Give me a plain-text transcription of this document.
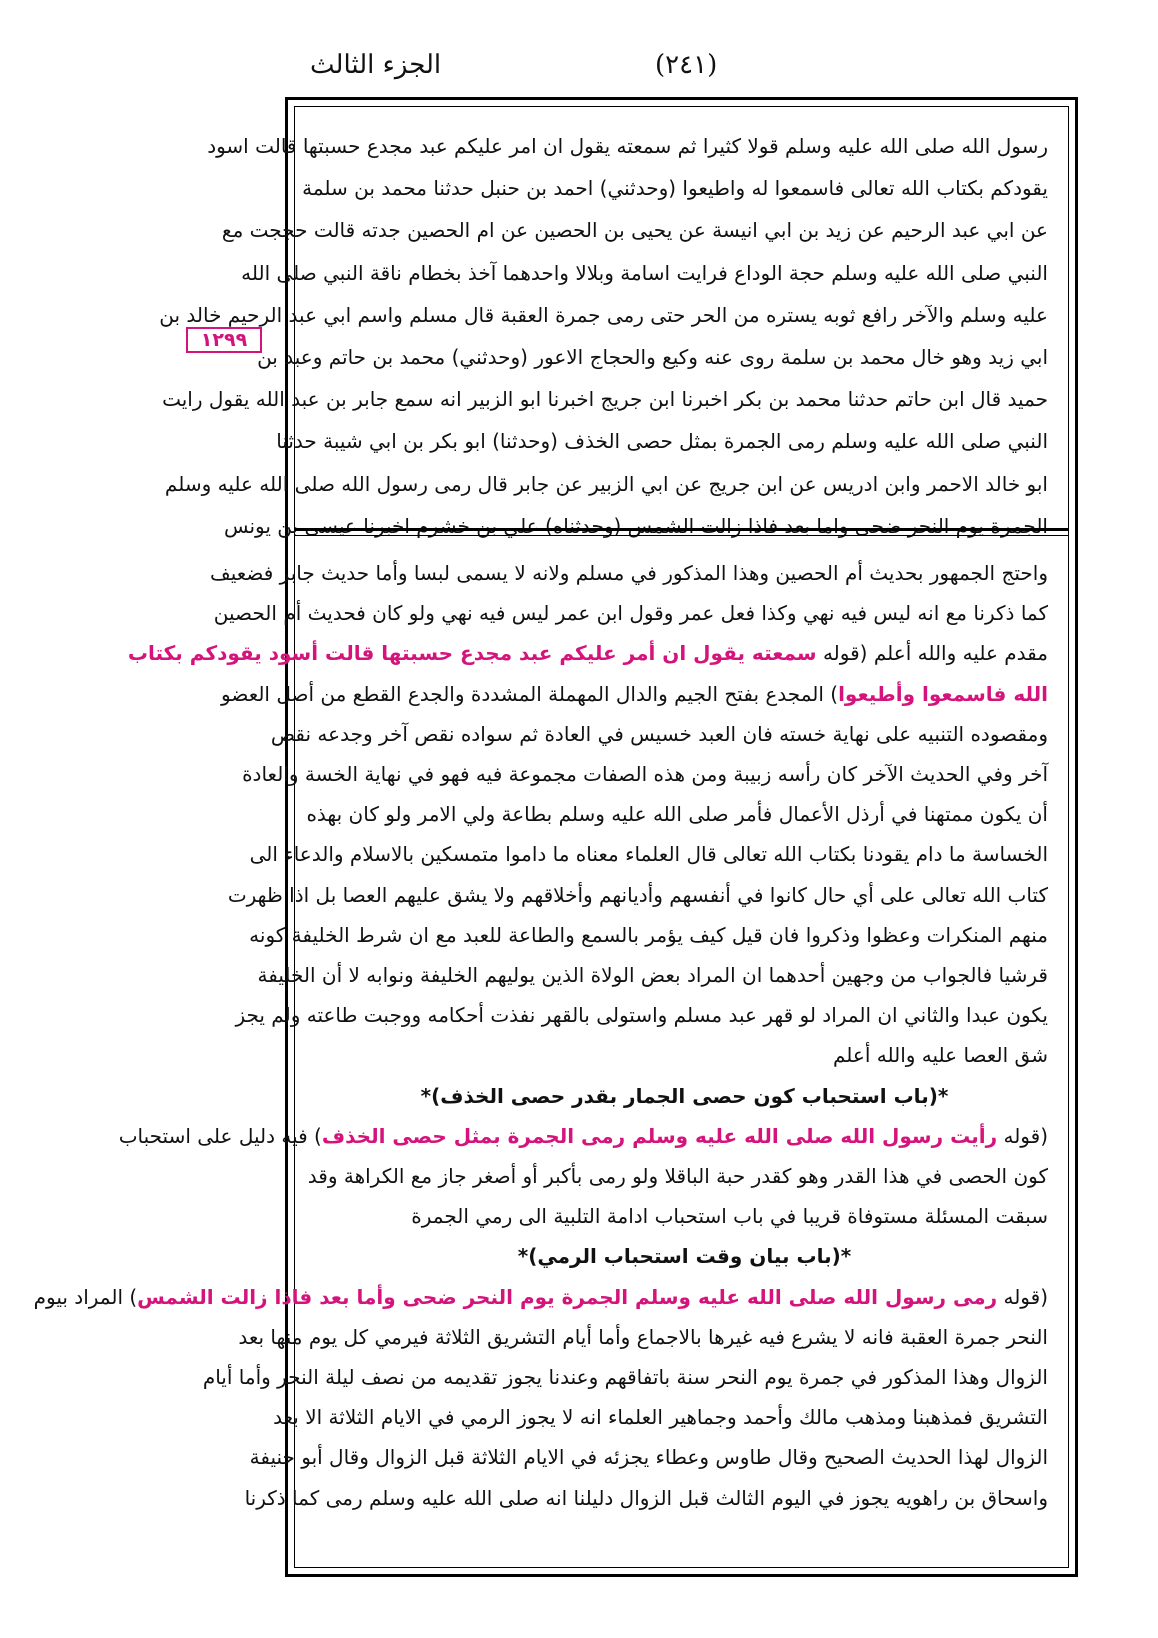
الجزء الثالث	(٢٤١)
١٢٩٩
رسول الله صلى الله عليه وسلم قولا كثيرا ثم سمعته يقول ان امر عليكم عبد مجدع حسبتها قالت اسود
يقودكم بكتاب الله تعالى فاسمعوا له واطيعوا (وحدثني) احمد بن حنبل حدثنا محمد بن سلمة
عن ابي عبد الرحيم عن زيد بن ابي انيسة عن يحيى بن الحصين عن ام الحصين جدته قالت حججت مع
النبي صلى الله عليه وسلم حجة الوداع فرايت اسامة وبلالا واحدهما آخذ بخطام ناقة النبي صلى الله
عليه وسلم والآخر رافع ثوبه يستره من الحر حتى رمى جمرة العقبة قال مسلم واسم ابي عبد الرحيم خالد بن
ابي زيد وهو خال محمد بن سلمة روى عنه وكيع والحجاج الاعور (وحدثني) محمد بن حاتم وعبد بن
حميد قال ابن حاتم حدثنا محمد بن بكر اخبرنا ابن جريج اخبرنا ابو الزبير انه سمع جابر بن عبد الله يقول رايت
النبي صلى الله عليه وسلم رمى الجمرة بمثل حصى الخذف (وحدثنا) ابو بكر بن ابي شيبة حدثنا
ابو خالد الاحمر وابن ادريس عن ابن جريج عن ابي الزبير عن جابر قال رمى رسول الله صلى الله عليه وسلم
الجمرة يوم النحر ضحى واما بعد فاذا زالت الشمس (وحدثناه) علي بن خشرم اخبرنا عيسى بن يونس
واحتج الجمهور بحديث أم الحصين وهذا المذكور في مسلم ولانه لا يسمى لبسا وأما حديث جابر فضعيف
كما ذكرنا مع انه ليس فيه نهي وكذا فعل عمر وقول ابن عمر ليس فيه نهي ولو كان فحديث أم الحصين
مقدم عليه والله أعلم (قوله سمعته يقول ان أمر عليكم عبد مجدع حسبتها قالت أسود يقودكم بكتاب
الله فاسمعوا وأطيعوا) المجدع بفتح الجيم والدال المهملة المشددة والجدع القطع من أصل العضو
ومقصوده التنبيه على نهاية خسته فان العبد خسيس في العادة ثم سواده نقص آخر وجدعه نقص
آخر وفي الحديث الآخر كان رأسه زبيبة ومن هذه الصفات مجموعة فيه فهو في نهاية الخسة والعادة
أن يكون ممتهنا في أرذل الأعمال فأمر صلى الله عليه وسلم بطاعة ولي الامر ولو كان بهذه
الخساسة ما دام يقودنا بكتاب الله تعالى قال العلماء معناه ما داموا متمسكين بالاسلام والدعاء الى
كتاب الله تعالى على أي حال كانوا في أنفسهم وأديانهم وأخلاقهم ولا يشق عليهم العصا بل اذا ظهرت
منهم المنكرات وعظوا وذكروا فان قيل كيف يؤمر بالسمع والطاعة للعبد مع ان شرط الخليفة كونه
قرشيا فالجواب من وجهين أحدهما ان المراد بعض الولاة الذين يوليهم الخليفة ونوابه لا أن الخليفة
يكون عبدا والثاني ان المراد لو قهر عبد مسلم واستولى بالقهر نفذت أحكامه ووجبت طاعته ولم يجز
شق العصا عليه والله أعلم
*(باب استحباب كون حصى الجمار بقدر حصى الخذف)*
(قوله رأيت رسول الله صلى الله عليه وسلم رمى الجمرة بمثل حصى الخذف) فيه دليل على استحباب
كون الحصى في هذا القدر وهو كقدر حبة الباقلا ولو رمى بأكبر أو أصغر جاز مع الكراهة وقد
سبقت المسئلة مستوفاة قريبا في باب استحباب ادامة التلبية الى رمي الجمرة
*(باب بيان وقت استحباب الرمي)*
(قوله رمى رسول الله صلى الله عليه وسلم الجمرة يوم النحر ضحى وأما بعد فاذا زالت الشمس) المراد بيوم
النحر جمرة العقبة فانه لا يشرع فيه غيرها بالاجماع وأما أيام التشريق الثلاثة فيرمي كل يوم منها بعد
الزوال وهذا المذكور في جمرة يوم النحر سنة باتفاقهم وعندنا يجوز تقديمه من نصف ليلة النحر وأما أيام
التشريق فمذهبنا ومذهب مالك وأحمد وجماهير العلماء انه لا يجوز الرمي في الايام الثلاثة الا بعد
الزوال لهذا الحديث الصحيح وقال طاوس وعطاء يجزئه في الايام الثلاثة قبل الزوال وقال أبو حنيفة
واسحاق بن راهويه يجوز في اليوم الثالث قبل الزوال دليلنا انه صلى الله عليه وسلم رمى كما ذكرنا
